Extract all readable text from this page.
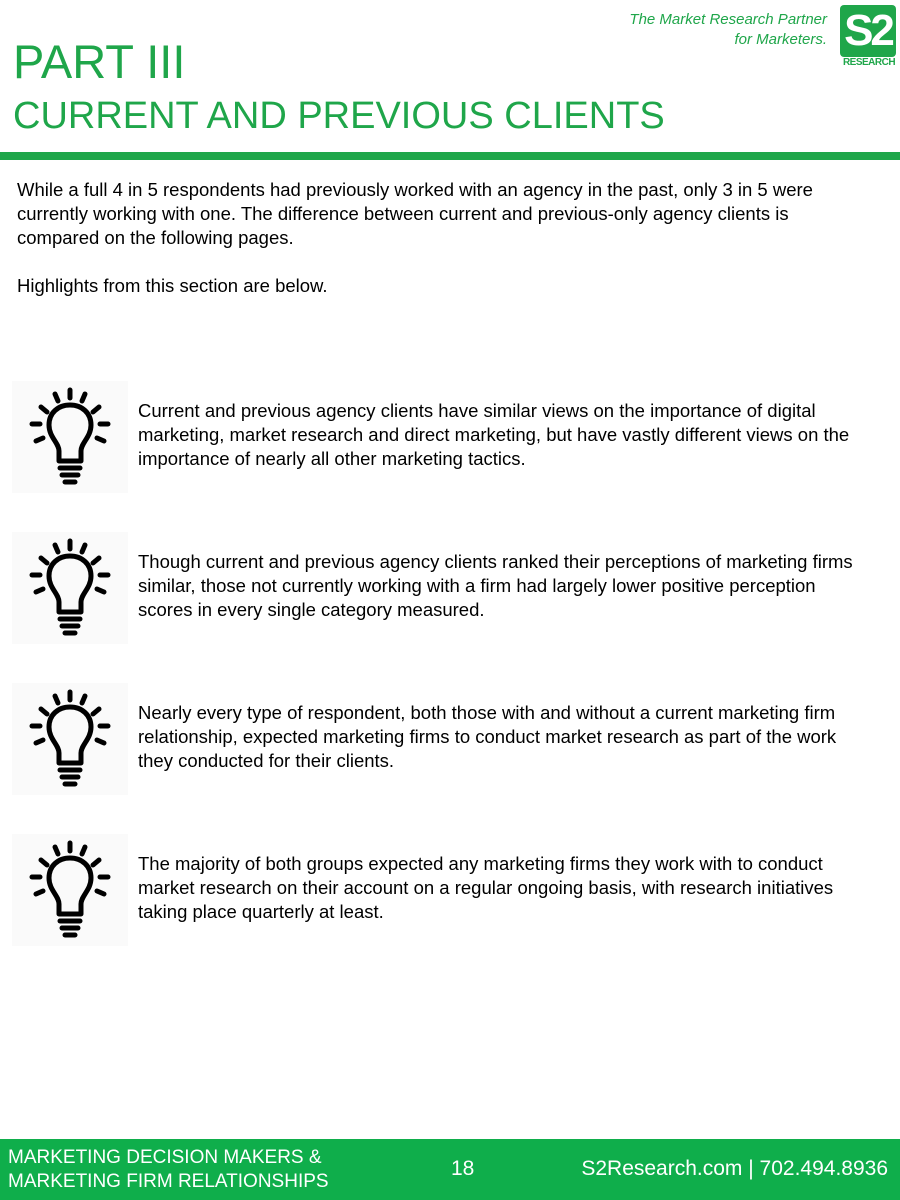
The Market Research Partner
for Marketers. S2
RESEARCH
PART III
CURRENT AND PREVIOUS CLIENTS

While a full 4 in 5 respondents had previously worked with an agency in the past, only 3 in 5 were currently working with one. The difference between current and previous-only agency clients is compared on the following pages.

Highlights from this section are below.

Current and previous agency clients have similar views on the importance of digital marketing, market research and direct marketing, but have vastly different views on the importance of nearly all other marketing tactics.
Though current and previous agency clients ranked their perceptions of marketing firms similar, those not currently working with a firm had largely lower positive perception scores in every single category measured.
Nearly every type of respondent, both those with and without a current marketing firm relationship, expected marketing firms to conduct market research as part of the work they conducted for their clients.
The majority of both groups expected any marketing firms they work with to conduct market research on their account on a regular ongoing basis, with research initiatives taking place quarterly at least.
MARKETING DECISION MAKERS &
MARKETING FIRM RELATIONSHIPS
18	S2Research.com | 702.494.8936
